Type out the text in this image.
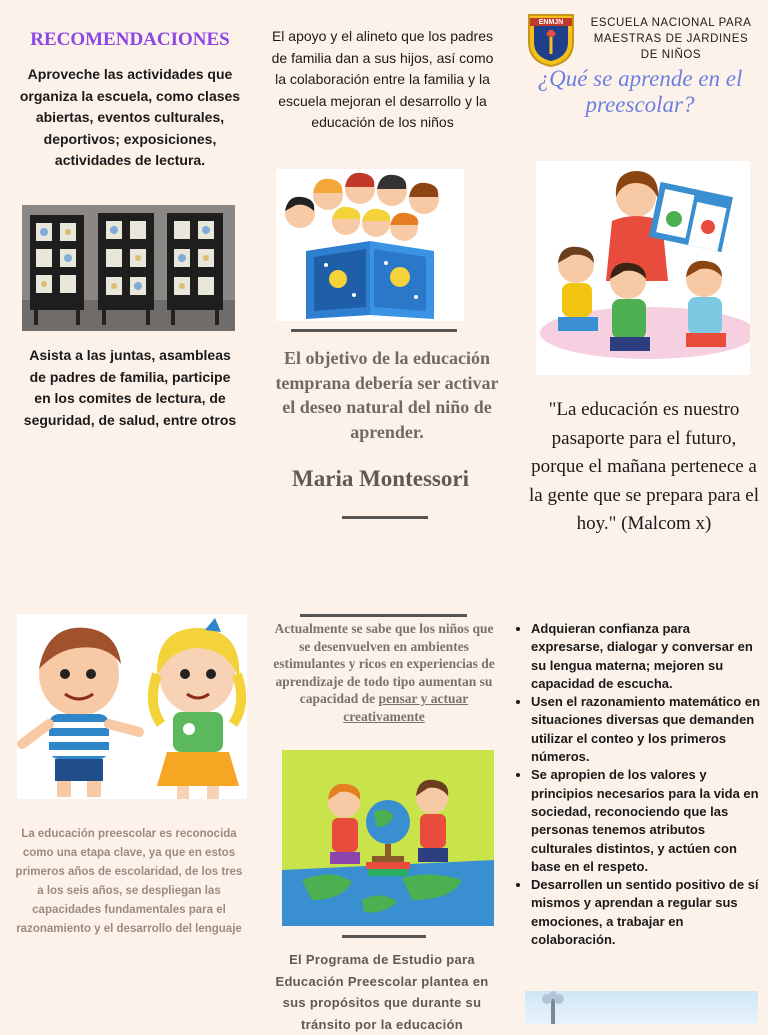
RECOMENDACIONES
Aproveche las actividades que organiza la escuela, como clases abiertas, eventos culturales, deportivos; exposiciones, actividades de lectura.
Asista a las juntas, asambleas de padres de familia, participe en los comites de lectura, de seguridad, de salud, entre otros
La educación preescolar es reconocida como una etapa clave, ya que en estos primeros años de escolaridad, de los tres a los seis años, se despliegan las capacidades fundamentales para el razonamiento y el desarrollo del lenguaje
El apoyo y el alineto que los padres de familia dan a sus hijos, así como la colaboración entre la familia y la escuela mejoran el desarrollo y la educación de los niños
El objetivo de la educación temprana debería ser activar el deseo natural del niño de aprender.
Maria Montessori
Actualmente se sabe que los niños que se desenvuelven en ambientes estimulantes y ricos en experiencias de aprendizaje de todo tipo aumentan su capacidad de pensar y actuar creativamente
El Programa de Estudio para Educación Preescolar plantea en sus propósitos que durante su tránsito por la educación
ENMJN	ESCUELA NACIONAL PARA MAESTRAS DE JARDINES DE NIÑOS
¿Qué se aprende en el preescolar?
"La educación es nuestro pasaporte para el futuro, porque el mañana pertenece a la gente que se prepara para el hoy." (Malcom x)
• Adquieran confianza para expresarse, dialogar y conversar en su lengua materna; mejoren su capacidad de escucha.
• Usen el razonamiento matemático en situaciones diversas que demanden utilizar el conteo y los primeros números.
• Se apropien de los valores y principios necesarios para la vida en sociedad, reconociendo que las personas tenemos atributos culturales distintos, y actúen con base en el respeto.
• Desarrollen un sentido positivo de sí mismos y aprendan a regular sus emociones, a trabajar en colaboración.
